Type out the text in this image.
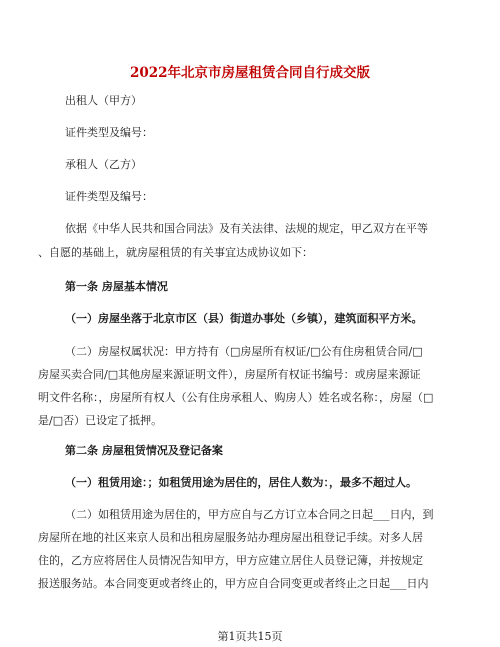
2022年北京市房屋租赁合同自行成交版

出租人（甲方）

证件类型及编号：

承租人（乙方）

证件类型及编号：

依据《中华人民共和国合同法》及有关法律、法规的规定，甲乙双方在平等

、自愿的基础上，就房屋租赁的有关事宜达成协议如下：

第一条 房屋基本情况

（一）房屋坐落于北京市区（县）街道办事处（乡镇），建筑面积平方米。

（二）房屋权属状况：甲方持有（□房屋所有权证/□公有住房租赁合同/□

房屋买卖合同/□其他房屋来源证明文件），房屋所有权证书编号：或房屋来源证

明文件名称：，房屋所有权人（公有住房承租人、购房人）姓名或名称：，房屋（□

是/□否）已设定了抵押。

第二条 房屋租赁情况及登记备案

（一）租赁用途：；如租赁用途为居住的，居住人数为：，最多不超过人。

（二）如租赁用途为居住的，甲方应自与乙方订立本合同之日起___日内，到

房屋所在地的社区来京人员和出租房屋服务站办理房屋出租登记手续。对多人居

住的，乙方应将居住人员情况告知甲方，甲方应建立居住人员登记簿，并按规定

报送服务站。本合同变更或者终止的，甲方应自合同变更或者终止之日起___日内

第1页共15页
